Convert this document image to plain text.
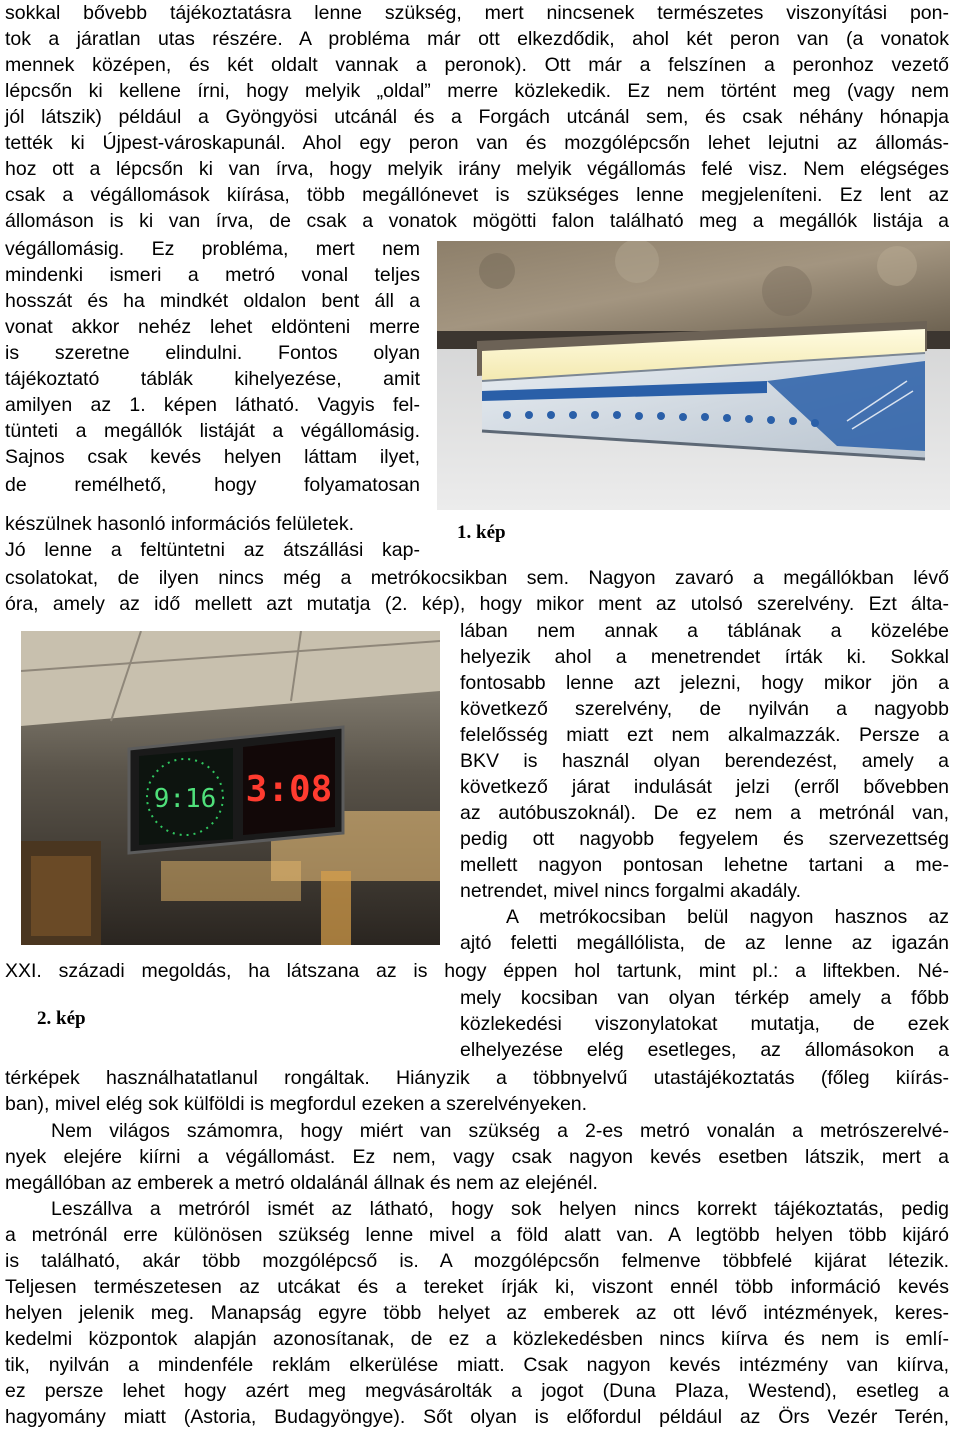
9:16 3:08
1. kép
2. kép
sokkal bővebb tájékoztatásra lenne szükség, mert nincsenek természetes viszonyítási pon-
tok a járatlan utas részére. A probléma már ott elkezdődik, ahol két peron van (a vonatok
mennek középen, és két oldalt vannak a peronok). Ott már a felszínen a peronhoz vezető
lépcsőn ki kellene írni, hogy melyik „oldal” merre közlekedik. Ez nem történt meg (vagy nem
jól látszik) például a Gyöngyösi utcánál és a Forgách utcánál sem, és csak néhány hónapja
tették ki Újpest-városkapunál. Ahol egy peron van és mozgólépcsőn lehet lejutni az állomás-
hoz ott a lépcsőn ki van írva, hogy melyik irány melyik végállomás felé visz. Nem elégséges
csak a végállomások kiírása, több megállónevet is szükséges lenne megjeleníteni. Ez lent az
állomáson is ki van írva, de csak a vonatok mögötti falon található meg a megállók listája a
végállomásig. Ez probléma, mert nem
mindenki ismeri a metró vonal teljes
hosszát és ha mindkét oldalon bent áll a
vonat akkor nehéz lehet eldönteni merre
is szeretne elindulni. Fontos olyan
tájékoztató táblák kihelyezése, amit
amilyen az 1. képen látható. Vagyis fel-
tünteti a megállók listáját a végállomásig.
Sajnos csak kevés helyen láttam ilyet,
de remélhető, hogy folyamatosan
készülnek hasonló információs felületek.
Jó lenne a feltüntetni az átszállási kap-
csolatokat, de ilyen nincs még a metrókocsikban sem. Nagyon zavaró a megállókban lévő
óra, amely az idő mellett azt mutatja (2. kép), hogy mikor ment az utolsó szerelvény. Ezt álta-
lában nem annak a táblának a közelébe
helyezik ahol a menetrendet írták ki. Sokkal
fontosabb lenne azt jelezni, hogy mikor jön a
következő szerelvény, de nyilván a nagyobb
felelősség miatt ezt nem alkalmazzák. Persze a
BKV is használ olyan berendezést, amely a
következő járat indulását jelzi (erről bővebben
az autóbuszoknál). De ez nem a metrónál van,
pedig ott nagyobb fegyelem és szervezettség
mellett nagyon pontosan lehetne tartani a me-
netrendet, mivel nincs forgalmi akadály.
A metrókocsiban belül nagyon hasznos az
ajtó feletti megállólista, de az lenne az igazán
XXI. századi megoldás, ha látszana az is hogy éppen hol tartunk, mint pl.: a liftekben. Né-
mely kocsiban van olyan térkép amely a főbb
közlekedési viszonylatokat mutatja, de ezek
elhelyezése elég esetleges, az állomásokon a
térképek használhatatlanul rongáltak. Hiányzik a többnyelvű utastájékoztatás (főleg kiírás-
ban), mivel elég sok külföldi is megfordul ezeken a szerelvényeken.
Nem világos számomra, hogy miért van szükség a 2-es metró vonalán a metrószerelvé-
nyek elejére kiírni a végállomást. Ez nem, vagy csak nagyon kevés esetben látszik, mert a
megállóban az emberek a metró oldalánál állnak és nem az elejénél.
Leszállva a metróról ismét az látható, hogy sok helyen nincs korrekt tájékoztatás, pedig
a metrónál erre különösen szükség lenne mivel a föld alatt van. A legtöbb helyen több kijáró
is található, akár több mozgólépcső is. A mozgólépcsőn felmenve többfelé kijárat létezik.
Teljesen természetesen az utcákat és a tereket írják ki, viszont ennél több információ kevés
helyen jelenik meg. Manapság egyre több helyet az emberek az ott lévő intézmények, keres-
kedelmi központok alapján azonosítanak, de ez a közlekedésben nincs kiírva és nem is emlí-
tik, nyilván a mindenféle reklám elkerülése miatt. Csak nagyon kevés intézmény van kiírva,
ez persze lehet hogy azért meg megvásárolták a jogot (Duna Plaza, Westend), esetleg a
hagyomány miatt (Astoria, Budagyöngye). Sőt olyan is előfordul például az Örs Vezér Terén,
